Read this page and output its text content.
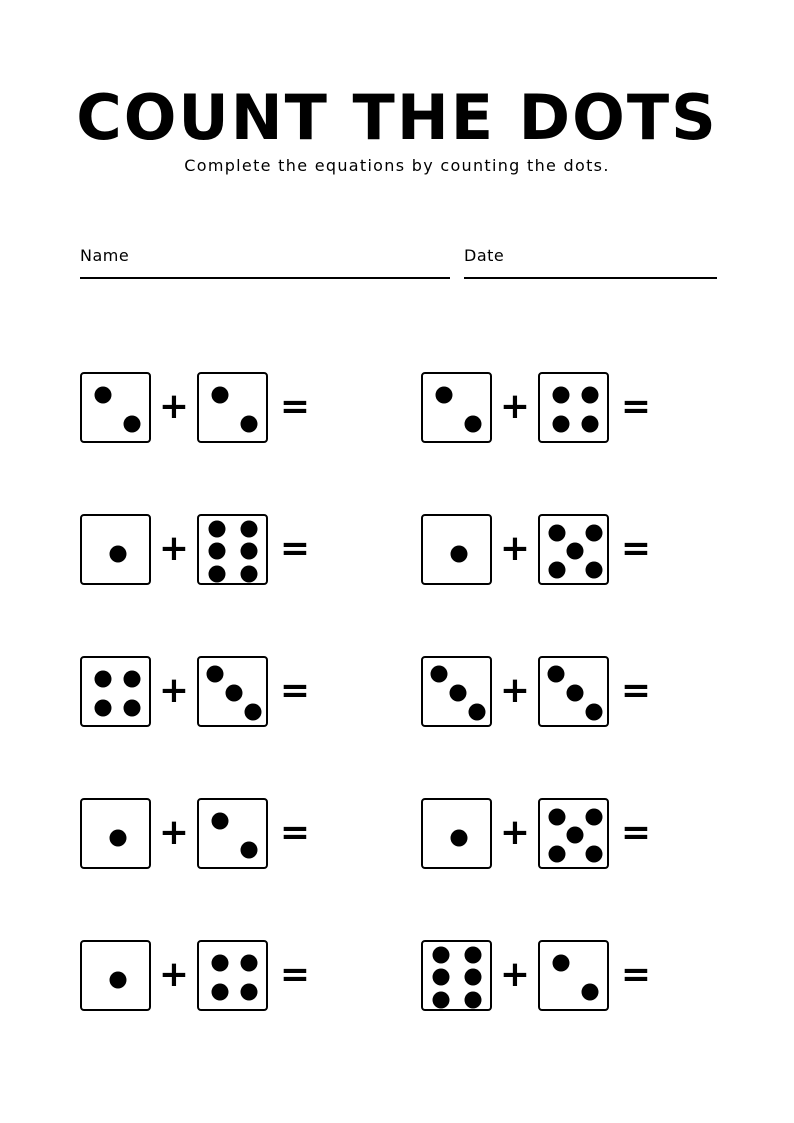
COUNT THE DOTS
Complete the equations by counting the dots.
Name	Date
+	=	+	=
+	=	+	=
+	=	+	=
+	=	+	=
+	=	+	=
